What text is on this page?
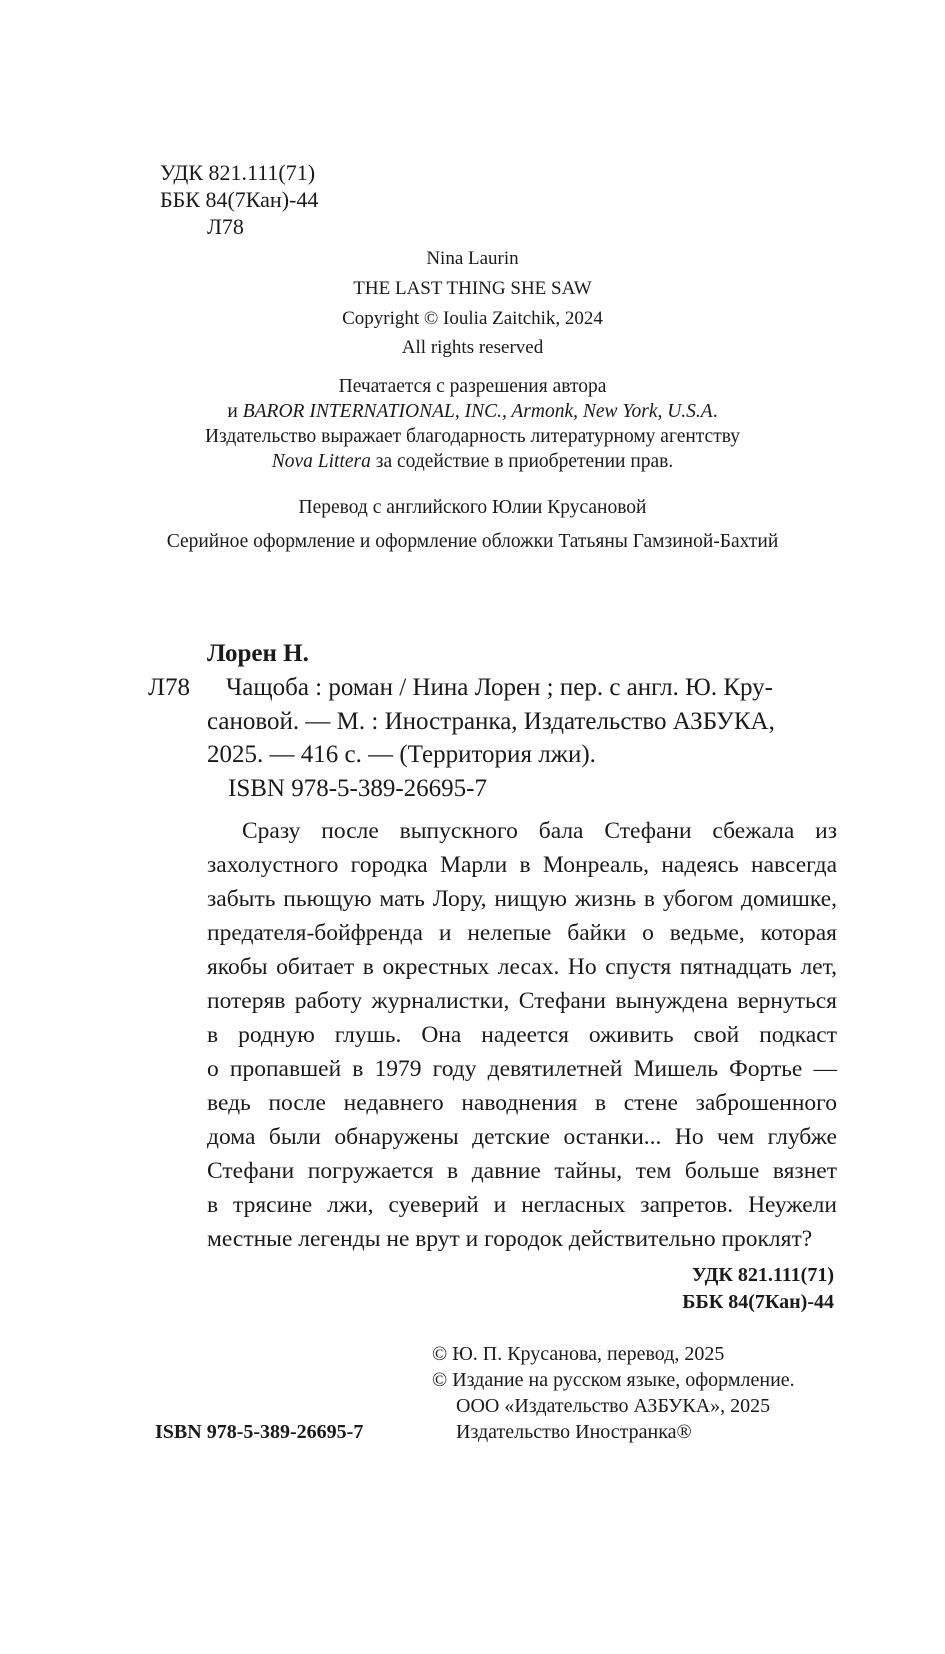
УДК 821.111(71)
ББК 84(7Кан)-44
Л78
Nina Laurin
THE LAST THING SHE SAW
Copyright © Ioulia Zaitchik, 2024
All rights reserved
Печатается с разрешения автора
и BAROR INTERNATIONAL, INC., Armonk, New York, U.S.A.
Издательство выражает благодарность литературному агентству
Nova Littera за содействие в приобретении прав.
Перевод с английского Юлии Крусановой
Серийное оформление и оформление обложки Татьяны Гамзиной-Бахтий
Лорен Н.
Л78 Чащоба : роман / Нина Лорен ; пер. с англ. Ю. Кру-
сановой. — М. : Иностранка, Издательство АЗБУКА,
2025. — 416 с. — (Территория лжи).
ISBN 978-5-389-26695-7
Сразу после выпускного бала Стефани сбежала из
захолустного городка Марли в Монреаль, надеясь навсегда
забыть пьющую мать Лору, нищую жизнь в убогом домишке,
предателя-бойфренда и нелепые байки о ведьме, которая
якобы обитает в окрестных лесах. Но спустя пятнадцать лет,
потеряв работу журналистки, Стефани вынуждена вернуться
в родную глушь. Она надеется оживить свой подкаст
о пропавшей в 1979 году девятилетней Мишель Фортье —
ведь после недавнего наводнения в стене заброшенного
дома были обнаружены детские останки... Но чем глубже
Стефани погружается в давние тайны, тем больше вязнет
в трясине лжи, суеверий и негласных запретов. Неужели
местные легенды не врут и городок действительно проклят?
УДК 821.111(71)
ББК 84(7Кан)-44
© Ю. П. Крусанова, перевод, 2025
© Издание на русском языке, оформление.
ООО «Издательство АЗБУКА», 2025
Издательство Иностранка®
ISBN 978-5-389-26695-7
